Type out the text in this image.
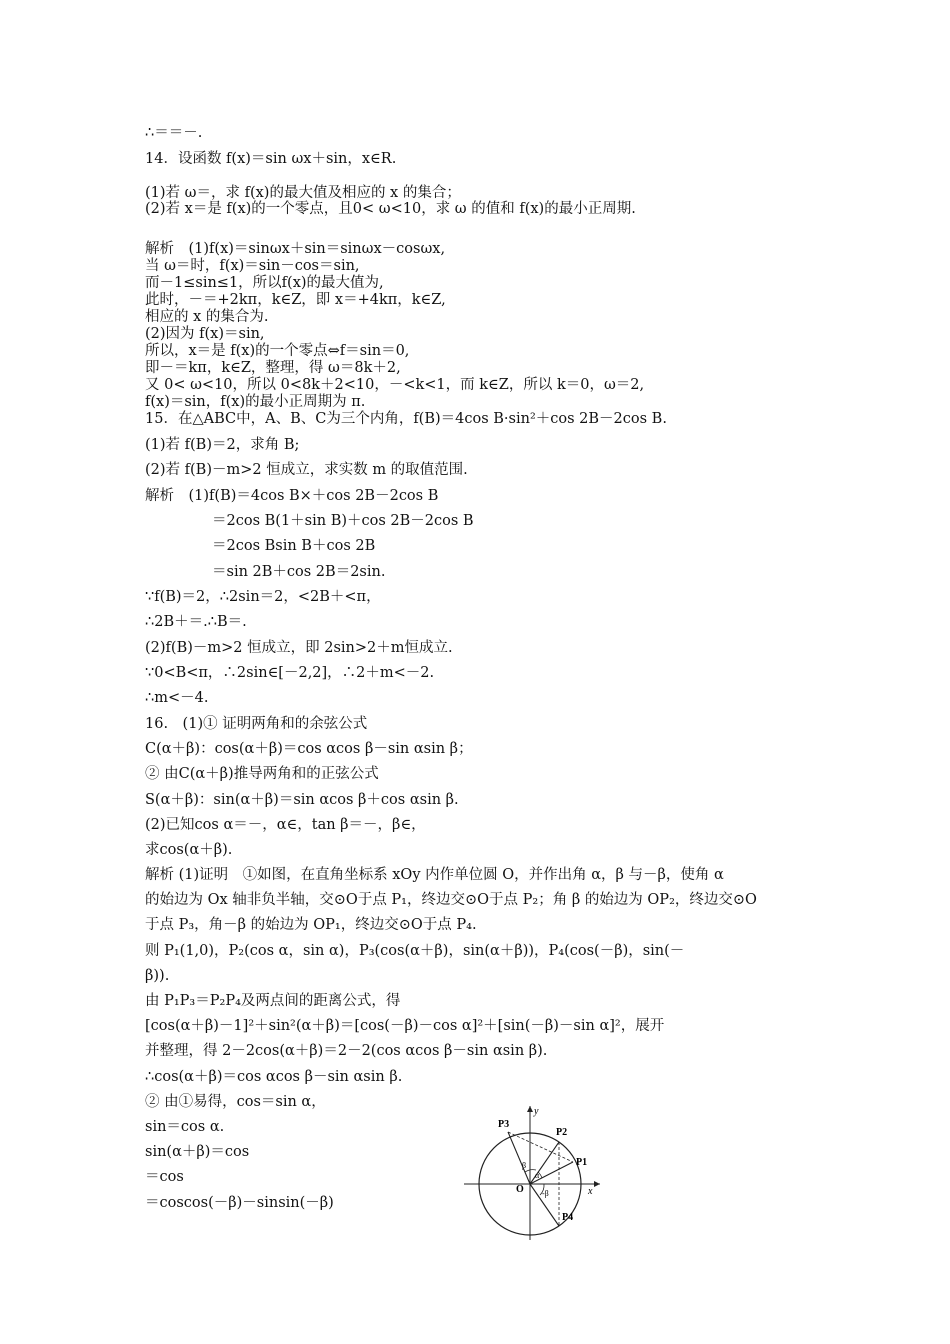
∴＝＝－.
14．设函数 f(x)＝sin ωx＋sin，x∈R.
(1)若 ω＝，求 f(x)的最大值及相应的 x 的集合；
(2)若 x＝是 f(x)的一个零点，且0< ω<10，求 ω 的值和 f(x)的最小正周期.
解析　(1)f(x)＝sinωx＋sin＝sinωx－cosωx,
当 ω＝时，f(x)＝sin－cos＝sin,
而－1≤sin≤1，所以f(x)的最大值为,
此时，－＝+2kπ，k∈Z，即 x＝+4kπ，k∈Z,
相应的 x 的集合为.
(2)因为 f(x)＝sin,
所以，x＝是 f(x)的一个零点⇔f＝sin＝0,
即－＝kπ，k∈Z，整理，得 ω＝8k＋2,
又 0< ω<10，所以 0<8k＋2<10，－<k<1，而 k∈Z，所以 k＝0，ω＝2,
f(x)＝sin，f(x)的最小正周期为 π.
15．在△ABC中，A、B、C为三个内角，f(B)＝4cos B·sin²＋cos 2B－2cos B.
(1)若 f(B)＝2，求角 B;
(2)若 f(B)－m>2 恒成立，求实数 m 的取值范围.
解析　(1)f(B)＝4cos B×＋cos 2B－2cos B
＝2cos B(1＋sin B)＋cos 2B－2cos B
＝2cos Bsin B＋cos 2B
＝sin 2B＋cos 2B＝2sin.
∵f(B)＝2，∴2sin＝2，<2B＋<π，
∴2B＋＝.∴B＝.
(2)f(B)－m>2 恒成立，即 2sin>2＋m恒成立.
∵0<B<π，∴2sin∈[－2,2]，∴2＋m<－2.
∴m<－4.
16.　(1)① 证明两角和的余弦公式
C(α＋β)：cos(α＋β)＝cos αcos β－sin αsin β；
② 由C(α＋β)推导两角和的正弦公式
S(α＋β)：sin(α＋β)＝sin αcos β＋cos αsin β.
(2)已知cos α＝－，α∈，tan β＝－，β∈，
求cos(α＋β).
解析 (1)证明　①如图，在直角坐标系 xOy 内作单位圆 O，并作出角 α，β 与－β，使角 α
的始边为 Ox 轴非负半轴，交⊙O于点 P₁，终边交⊙O于点 P₂；角 β 的始边为 OP₂，终边交⊙O
于点 P₃，角－β 的始边为 OP₁，终边交⊙O于点 P₄.
则 P₁(1,0)，P₂(cos α，sin α)，P₃(cos(α＋β)，sin(α＋β))，P₄(cos(－β)，sin(－
β)).
由 P₁P₃＝P₂P₄及两点间的距离公式，得
[cos(α＋β)－1]²＋sin²(α＋β)＝[cos(－β)－cos α]²＋[sin(－β)－sin α]²，展开
并整理，得 2－2cos(α＋β)＝2－2(cos αcos β－sin αsin β).
∴cos(α＋β)＝cos αcos β－sin αsin β.
② 由①易得，cos＝sin α，
sin＝cos α.
sin(α＋β)＝cos
＝cos
＝coscos(－β)－sinsin(－β)
P3
P2
P1
P4
O	x
y
α
β
-β
